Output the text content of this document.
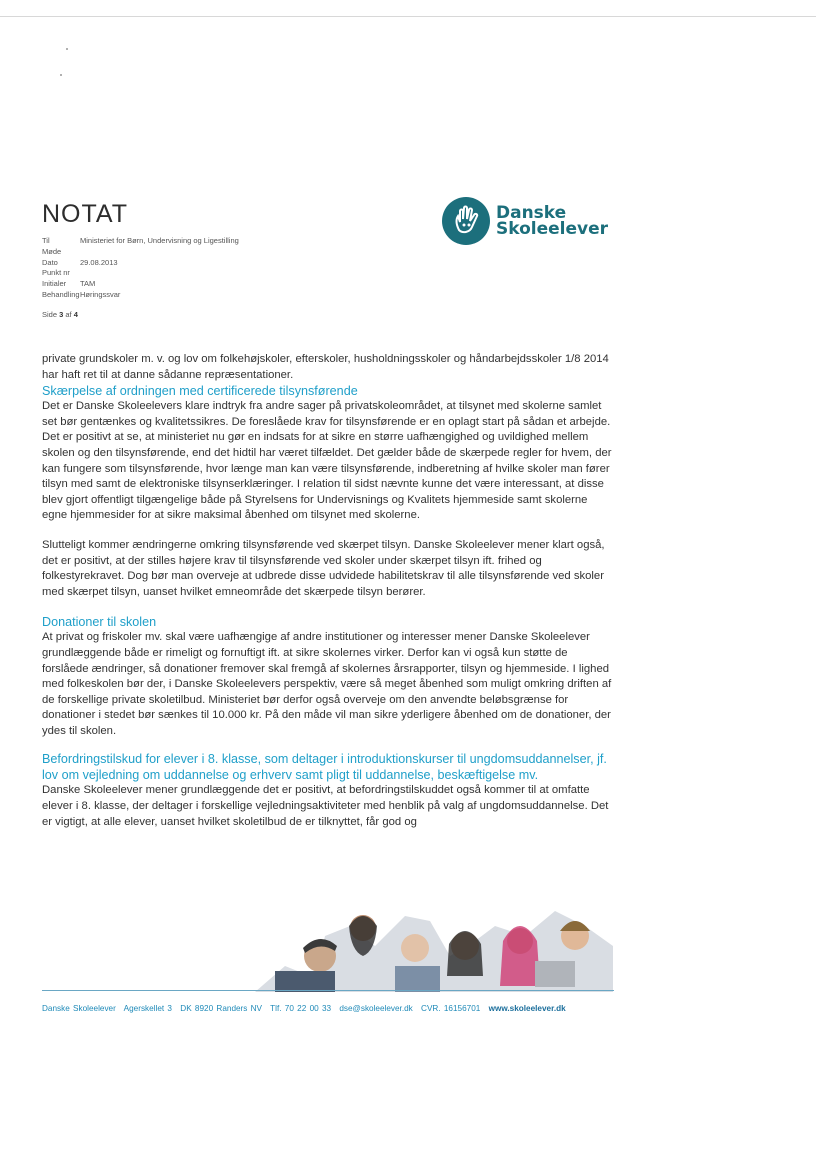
NOTAT
Til	Ministeriet for Børn, Undervisning og Ligestilling
Møde
Dato	29.08.2013
Punkt nr
Initialer	TAM
Behandling Høringssvar
Side 3 af 4
Danske
Skoleelever

private grundskoler m. v. og lov om folkehøjskoler, efterskoler, husholdningsskoler og håndarbejdsskoler 1/8 2014 har haft ret til at danne sådanne repræsentationer.

Skærpelse af ordningen med certificerede tilsynsførende

Det er Danske Skoleelevers klare indtryk fra andre sager på privatskoleområdet, at tilsynet med skolerne samlet set bør gentænkes og kvalitetssikres. De foreslåede krav for tilsynsførende er en oplagt start på sådan et arbejde. Det er positivt at se, at ministeriet nu gør en indsats for at sikre en større uafhængighed og uvildighed mellem skolen og den tilsynsførende, end det hidtil har været tilfældet. Det gælder både de skærpede regler for hvem, der kan fungere som tilsynsførende, hvor længe man kan være tilsynsførende, indberetning af hvilke skoler man fører tilsyn med samt de elektroniske tilsynserklæringer. I relation til sidst nævnte kunne det være interessant, at disse blev gjort offentligt tilgængelige både på Styrelsens for Undervisnings og Kvalitets hjemmeside samt skolerne egne hjemmesider for at sikre maksimal åbenhed om tilsynet med skolerne.

Slutteligt kommer ændringerne omkring tilsynsførende ved skærpet tilsyn. Danske Skoleelever mener klart også, det er positivt, at der stilles højere krav til tilsynsførende ved skoler under skærpet tilsyn ift. frihed og folkestyrekravet. Dog bør man overveje at udbrede disse udvidede habilitetskrav til alle tilsynsførende ved skoler med skærpet tilsyn, uanset hvilket emneområde det skærpede tilsyn berører.

Donationer til skolen

At privat og friskoler mv. skal være uafhængige af andre institutioner og interesser mener Danske Skoleelever grundlæggende både er rimeligt og fornuftigt ift. at sikre skolernes virker. Derfor kan vi også kun støtte de forslåede ændringer, så donationer fremover skal fremgå af skolernes årsrapporter, tilsyn og hjemmeside. I lighed med folkeskolen bør der, i Danske Skoleelevers perspektiv, være så meget åbenhed som muligt omkring driften af de forskellige private skoletilbud. Ministeriet bør derfor også overveje om den anvendte beløbsgrænse for donationer i stedet bør sænkes til 10.000 kr. På den måde vil man sikre yderligere åbenhed om de donationer, der ydes til skolen.

Befordringstilskud for elever i 8. klasse, som deltager i introduktionskurser til ungdomsuddannelser, jf. lov om vejledning om uddannelse og erhverv samt pligt til uddannelse, beskæftigelse mv.

Danske Skoleelever mener grundlæggende det er positivt, at befordringstilskuddet også kommer til at omfatte elever i 8. klasse, der deltager i forskellige vejledningsaktiviteter med henblik på valg af ungdomsuddannelse. Det er vigtigt, at alle elever, uanset hvilket skoletilbud de er tilknyttet, får god og

Danske Skoleelever Agerskellet 3 DK 8920 Randers NV Tlf. 70 22 00 33 dse@skoleelever.dk CVR. 16156701 www.skoleelever.dk
